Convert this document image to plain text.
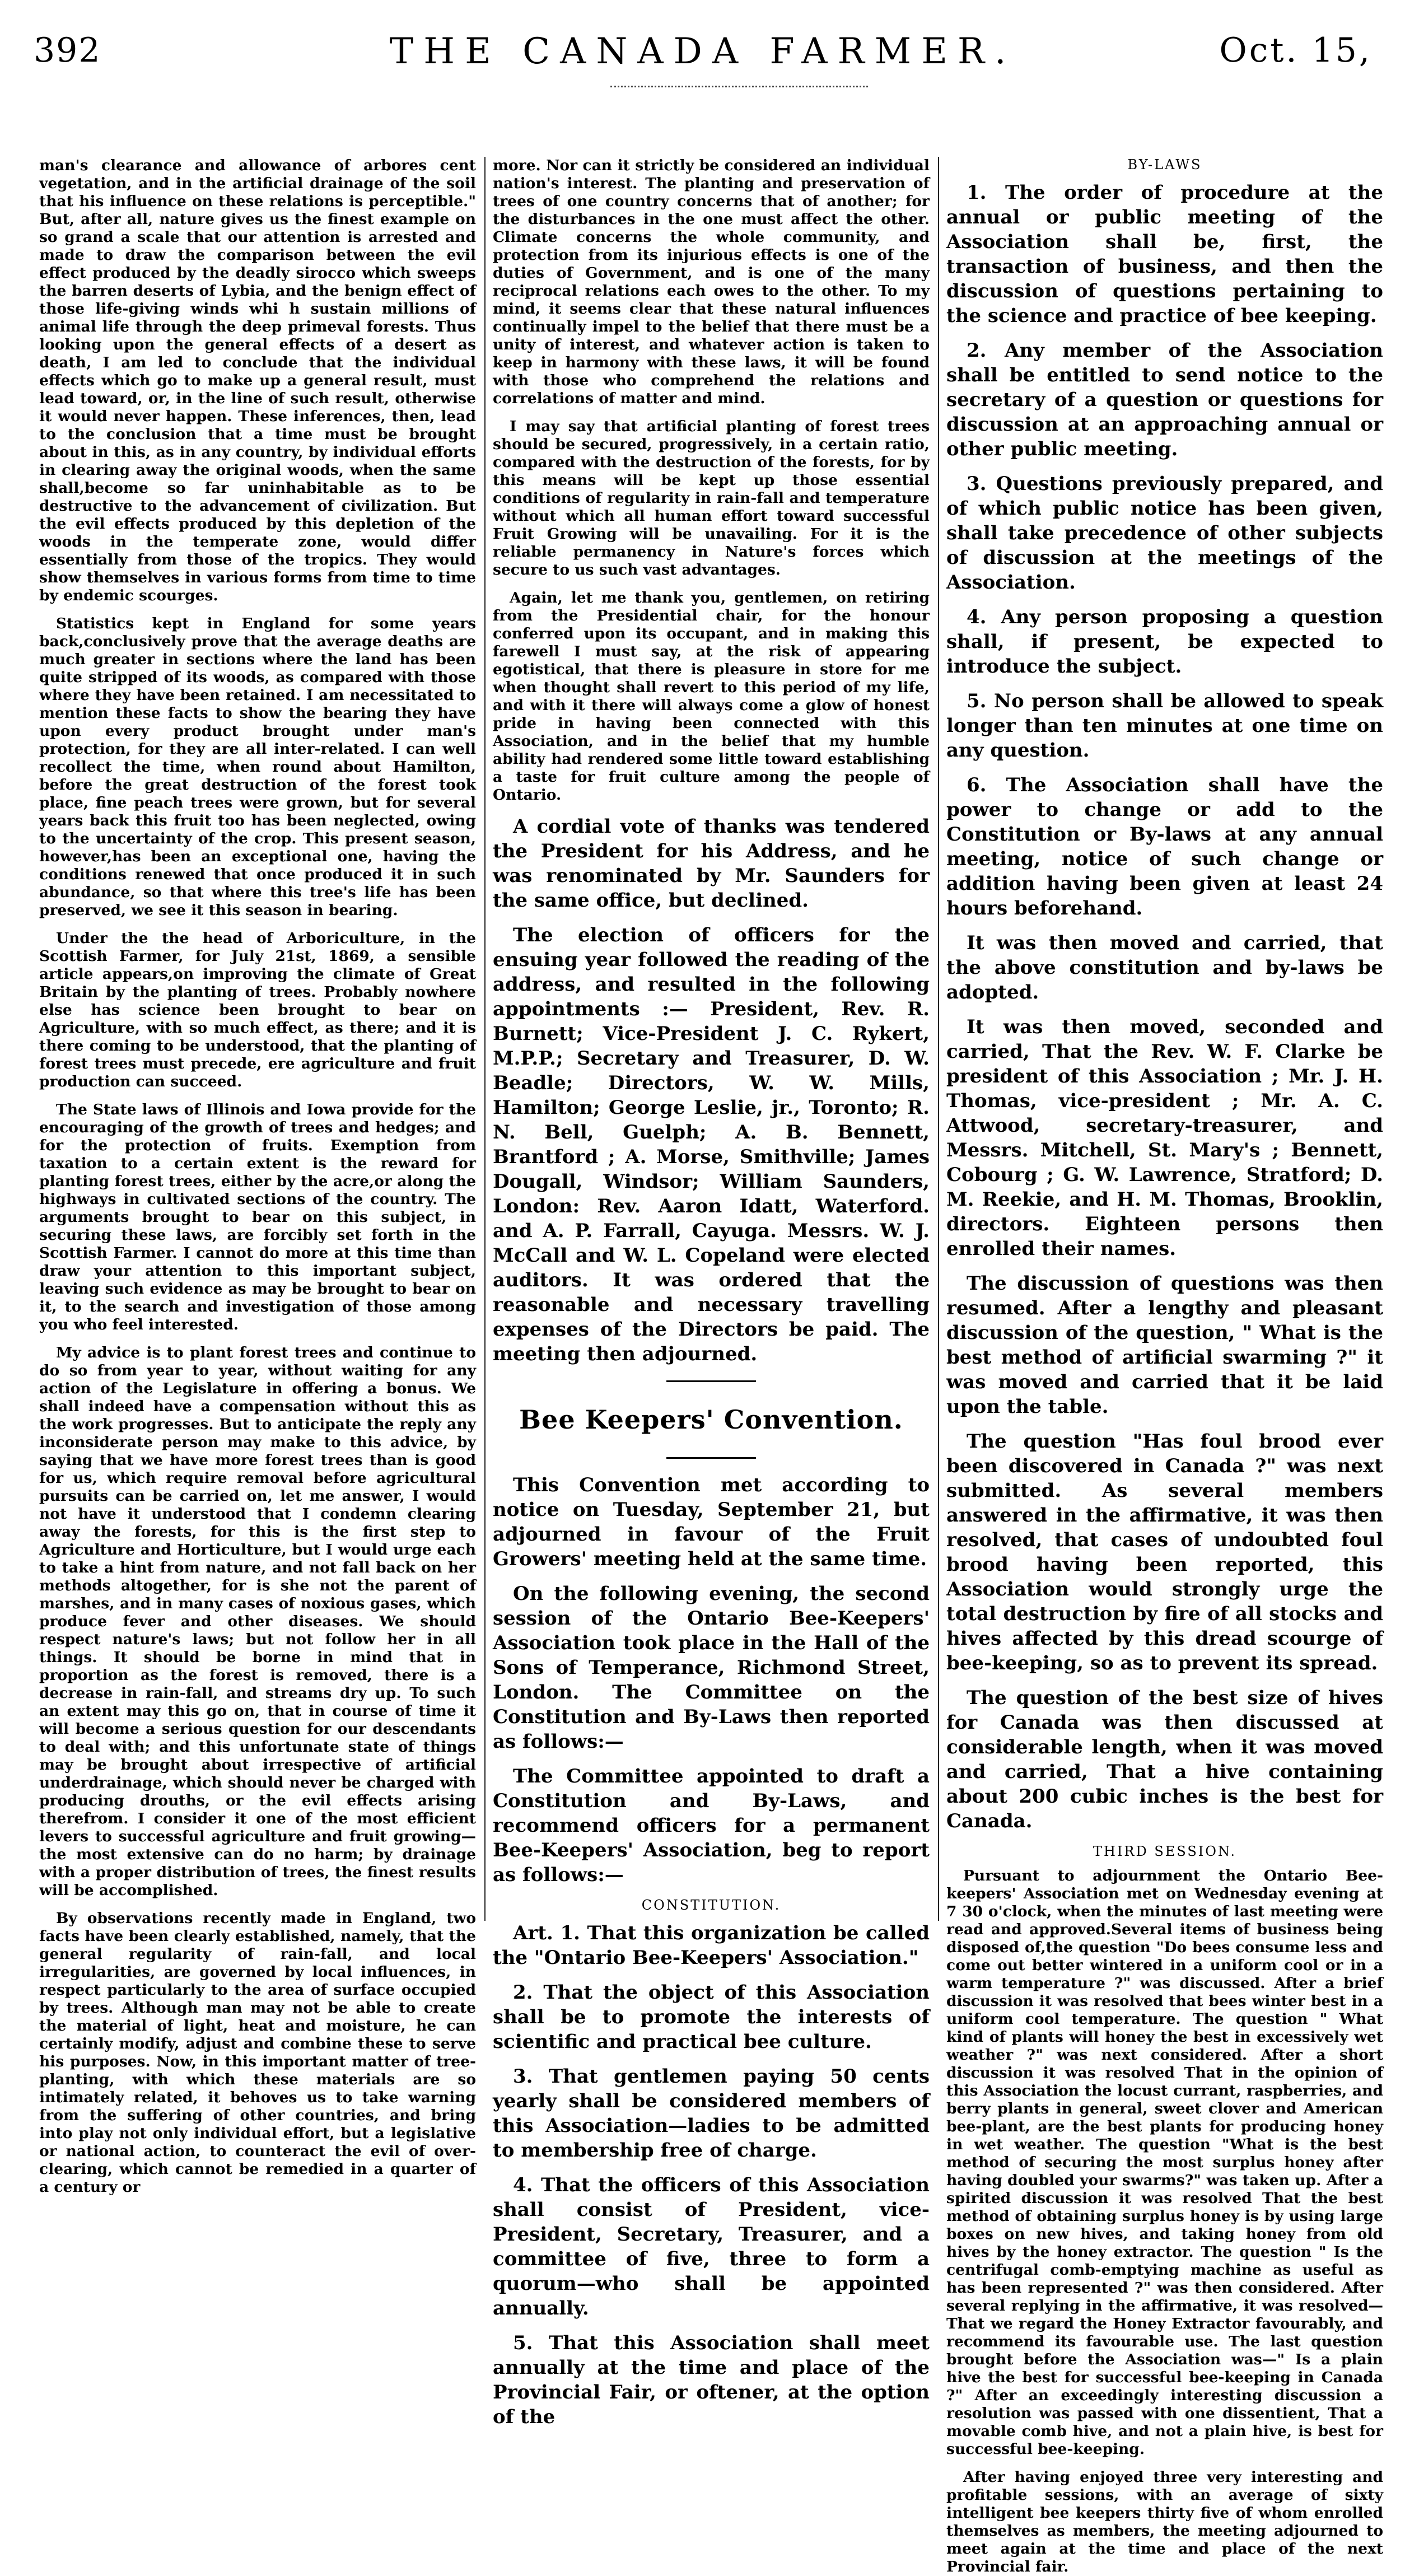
392	THE CANADA FARMER.	Oct. 15,

man's clearance and allowance of arbores cent vegetation, and in the artificial drainage of the soil that his influence on these relations is perceptible." But, after all, nature gives us the finest example on so grand a scale that our attention is arrested and made to draw the comparison between the evil effect produced by the deadly sirocco which sweeps the barren deserts of Lybia, and the benign effect of those life-giving winds whi h sustain millions of animal life through the deep primeval forests. Thus looking upon the general effects of a desert as death, I am led to conclude that the individual effects which go to make up a general result, must lead toward, or, in the line of such result, otherwise it would never happen. These inferences, then, lead to the conclusion that a time must be brought about in this, as in any country, by individual efforts in clearing away the original woods, when the same shall,become so far uninhabitable as to be destructive to the advancement of civilization. But the evil effects produced by this depletion of the woods in the temperate zone, would differ essentially from those of the tropics. They would show themselves in various forms from time to time by endemic scourges.

Statistics kept in England for some years back,conclusively prove that the average deaths are much greater in sections where the land has been quite stripped of its woods, as compared with those where they have been retained. I am necessitated to mention these facts to show the bearing they have upon every product brought under man's protection, for they are all inter-related. I can well recollect the time, when round about Hamilton, before the great destruction of the forest took place, fine peach trees were grown, but for several years back this fruit too has been neglected, owing to the uncertainty of the crop. This present season, however,has been an exceptional one, having the conditions renewed that once produced it in such abundance, so that where this tree's life has been preserved, we see it this season in bearing.

Under the the head of Arboriculture, in the Scottish Farmer, for July 21st, 1869, a sensible article appears,on improving the climate of Great Britain by the planting of trees. Probably nowhere else has science been brought to bear on Agriculture, with so much effect, as there; and it is there coming to be understood, that the planting of forest trees must precede, ere agriculture and fruit production can succeed.

The State laws of Illinois and Iowa provide for the encouraging of the growth of trees and hedges; and for the protection of fruits. Exemption from taxation to a certain extent is the reward for planting forest trees, either by the acre,or along the highways in cultivated sections of the country. The arguments brought to bear on this subject, in securing these laws, are forcibly set forth in the Scottish Farmer. I cannot do more at this time than draw your attention to this important subject, leaving such evidence as may be brought to bear on it, to the search and investigation of those among you who feel interested.

My advice is to plant forest trees and continue to do so from year to year, without waiting for any action of the Legislature in offering a bonus. We shall indeed have a compensation without this as the work progresses. But to anticipate the reply any inconsiderate person may make to this advice, by saying that we have more forest trees than is good for us, which require removal before agricultural pursuits can be carried on, let me answer, I would not have it understood that I condemn clearing away the forests, for this is the first step to Agriculture and Horticulture, but I would urge each to take a hint from nature, and not fall back on her methods altogether, for is she not the parent of marshes, and in many cases of noxious gases, which produce fever and other diseases. We should respect nature's laws; but not follow her in all things. It should be borne in mind that in proportion as the forest is removed, there is a decrease in rain-fall, and streams dry up. To such an extent may this go on, that in course of time it will become a serious question for our descendants to deal with; and this unfortunate state of things may be brought about irrespective of artificial underdrainage, which should never be charged with producing drouths, or the evil effects arising therefrom. I consider it one of the most efficient levers to successful agriculture and fruit growing—the most extensive can do no harm; by drainage with a proper distribution of trees, the finest results will be accomplished.

By observations recently made in England, two facts have been clearly established, namely, that the general regularity of rain-fall, and local irregularities, are governed by local influences, in respect particularly to the area of surface occupied by trees. Although man may not be able to create the material of light, heat and moisture, he can certainly modify, adjust and combine these to serve his purposes. Now, in this important matter of tree-planting, with which these materials are so intimately related, it behoves us to take warning from the suffering of other countries, and bring into play not only individual effort, but a legislative or national action, to counteract the evil of over-clearing, which cannot be remedied in a quarter of a century or

more. Nor can it strictly be considered an individual nation's interest. The planting and preservation of trees of one country concerns that of another; for the disturbances in the one must affect the other. Climate concerns the whole community, and protection from its injurious effects is one of the duties of Government, and is one of the many reciprocal relations each owes to the other. To my mind, it seems clear that these natural influences continually impel to the belief that there must be a unity of interest, and whatever action is taken to keep in harmony with these laws, it will be found with those who comprehend the relations and correlations of matter and mind.

I may say that artificial planting of forest trees should be secured, progressively, in a certain ratio, compared with the destruction of the forests, for by this means will be kept up those essential conditions of regularity in rain-fall and temperature without which all human effort toward successful Fruit Growing will be unavailing. For it is the reliable permanency in Nature's forces which secure to us such vast advantages.

Again, let me thank you, gentlemen, on retiring from the Presidential chair, for the honour conferred upon its occupant, and in making this farewell I must say, at the risk of appearing egotistical, that there is pleasure in store for me when thought shall revert to this period of my life, and with it there will always come a glow of honest pride in having been connected with this Association, and in the belief that my humble ability had rendered some little toward establishing a taste for fruit culture among the people of Ontario.

A cordial vote of thanks was tendered the President for his Address, and he was renominated by Mr. Saunders for the same office, but declined.

The election of officers for the ensuing year followed the reading of the address, and resulted in the following appointments :— President, Rev. R. Burnett; Vice-President J. C. Rykert, M.P.P.; Secretary and Treasurer, D. W. Beadle; Directors, W. W. Mills, Hamilton; George Leslie, jr., Toronto; R. N. Bell, Guelph; A. B. Bennett, Brantford ; A. Morse, Smithville; James Dougall, Windsor; William Saunders, London: Rev. Aaron Idatt, Waterford. and A. P. Farrall, Cayuga. Messrs. W. J. McCall and W. L. Copeland were elected auditors. It was ordered that the reasonable and necessary travelling expenses of the Directors be paid. The meeting then adjourned.

Bee Keepers' Convention.

This Convention met according to notice on Tuesday, September 21, but adjourned in favour of the Fruit Growers' meeting held at the same time.

On the following evening, the second session of the Ontario Bee-Keepers' Association took place in the Hall of the Sons of Temperance, Richmond Street, London. The Committee on the Constitution and By-Laws then reported as follows:—

The Committee appointed to draft a Constitution and By-Laws, and recommend officers for a permanent Bee-Keepers' Association, beg to report as follows:—

CONSTITUTION.

Art. 1. That this organization be called the "Ontario Bee-Keepers' Association."

2. That the object of this Association shall be to promote the interests of scientific and practical bee culture.

3. That gentlemen paying 50 cents yearly shall be considered members of this Association—ladies to be admitted to membership free of charge.

4. That the officers of this Association shall consist of President, vice-President, Secretary, Treasurer, and a committee of five, three to form a quorum—who shall be appointed annually.

5. That this Association shall meet annually at the time and place of the Provincial Fair, or oftener, at the option of the

BY-LAWS

1. The order of procedure at the annual or public meeting of the Association shall be, first, the transaction of business, and then the discussion of questions pertaining to the science and practice of bee keeping.

2. Any member of the Association shall be entitled to send notice to the secretary of a question or questions for discussion at an approaching annual or other public meeting.

3. Questions previously prepared, and of which public notice has been given, shall take precedence of other subjects of discussion at the meetings of the Association.

4. Any person proposing a question shall, if present, be expected to introduce the subject.

5. No person shall be allowed to speak longer than ten minutes at one time on any question.

6. The Association shall have the power to change or add to the Constitution or By-laws at any annual meeting, notice of such change or addition having been given at least 24 hours beforehand.

It was then moved and carried, that the above constitution and by-laws be adopted.

It was then moved, seconded and carried, That the Rev. W. F. Clarke be president of this Association ; Mr. J. H. Thomas, vice-president ; Mr. A. C. Attwood, secretary-treasurer, and Messrs. Mitchell, St. Mary's ; Bennett, Cobourg ; G. W. Lawrence, Stratford; D. M. Reekie, and H. M. Thomas, Brooklin, directors. Eighteen persons then enrolled their names.

The discussion of questions was then resumed. After a lengthy and pleasant discussion of the question, " What is the best method of artificial swarming ?" it was moved and carried that it be laid upon the table.

The question "Has foul brood ever been discovered in Canada ?" was next submitted. As several members answered in the affirmative, it was then resolved, that cases of undoubted foul brood having been reported, this Association would strongly urge the total destruction by fire of all stocks and hives affected by this dread scourge of bee-keeping, so as to prevent its spread.

The question of the best size of hives for Canada was then discussed at considerable length, when it was moved and carried, That a hive containing about 200 cubic inches is the best for Canada.

THIRD SESSION.

Pursuant to adjournment the Ontario Bee-keepers' Association met on Wednesday evening at 7 30 o'clock, when the minutes of last meeting were read and approved.Several items of business being disposed of,the question "Do bees consume less and come out better wintered in a uniform cool or in a warm temperature ?" was discussed. After a brief discussion it was resolved that bees winter best in a uniform cool temperature. The question " What kind of plants will honey the best in excessively wet weather ?" was next considered. After a short discussion it was resolved That in the opinion of this Association the locust currant, raspberries, and berry plants in general, sweet clover and American bee-plant, are the best plants for producing honey in wet weather. The question "What is the best method of securing the most surplus honey after having doubled your swarms?" was taken up. After a spirited discussion it was resolved That the best method of obtaining surplus honey is by using large boxes on new hives, and taking honey from old hives by the honey extractor. The question " Is the centrifugal comb-emptying machine as useful as has been represented ?" was then considered. After several replying in the affirmative, it was resolved—That we regard the Honey Extractor favourably, and recommend its favourable use. The last question brought before the Association was—" Is a plain hive the best for successful bee-keeping in Canada ?" After an exceedingly interesting discussion a resolution was passed with one dissentient, That a movable comb hive, and not a plain hive, is best for successful bee-keeping.

After having enjoyed three very interesting and profitable sessions, with an average of sixty intelligent bee keepers thirty five of whom enrolled themselves as members, the meeting adjourned to meet again at the time and place of the next Provincial fair.
